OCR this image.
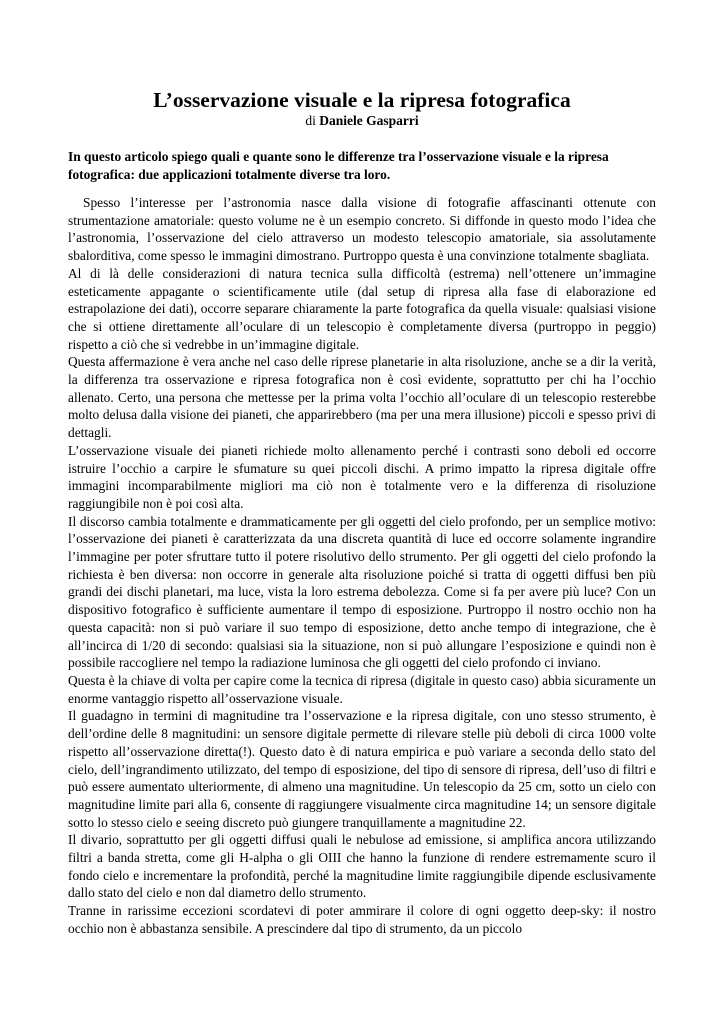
L’osservazione visuale e la ripresa fotografica
di Daniele Gasparri

In questo articolo spiego quali e quante sono le differenze tra l’osservazione visuale e la ripresa fotografica: due applicazioni totalmente diverse tra loro.

Spesso l’interesse per l’astronomia nasce dalla visione di fotografie affascinanti ottenute con strumentazione amatoriale: questo volume ne è un esempio concreto. Si diffonde in questo modo l’idea che l’astronomia, l’osservazione del cielo attraverso un modesto telescopio amatoriale, sia assolutamente sbalorditiva, come spesso le immagini dimostrano. Purtroppo questa è una convinzione totalmente sbagliata.

Al di là delle considerazioni di natura tecnica sulla difficoltà (estrema) nell’ottenere un’immagine esteticamente appagante o scientificamente utile (dal setup di ripresa alla fase di elaborazione ed estrapolazione dei dati), occorre separare chiaramente la parte fotografica da quella visuale: qualsiasi visione che si ottiene direttamente all’oculare di un telescopio è completamente diversa (purtroppo in peggio) rispetto a ciò che si vedrebbe in un’immagine digitale.

Questa affermazione è vera anche nel caso delle riprese planetarie in alta risoluzione, anche se a dir la verità, la differenza tra osservazione e ripresa fotografica non è così evidente, soprattutto per chi ha l’occhio allenato. Certo, una persona che mettesse per la prima volta l’occhio all’oculare di un telescopio resterebbe molto delusa dalla visione dei pianeti, che apparirebbero (ma per una mera illusione) piccoli e spesso privi di dettagli.

L’osservazione visuale dei pianeti richiede molto allenamento perché i contrasti sono deboli ed occorre istruire l’occhio a carpire le sfumature su quei piccoli dischi. A primo impatto la ripresa digitale offre immagini incomparabilmente migliori ma ciò non è totalmente vero e la differenza di risoluzione raggiungibile non è poi così alta.

Il discorso cambia totalmente e drammaticamente per gli oggetti del cielo profondo, per un semplice motivo: l’osservazione dei pianeti è caratterizzata da una discreta quantità di luce ed occorre solamente ingrandire l’immagine per poter sfruttare tutto il potere risolutivo dello strumento. Per gli oggetti del cielo profondo la richiesta è ben diversa: non occorre in generale alta risoluzione poiché si tratta di oggetti diffusi ben più grandi dei dischi planetari, ma luce, vista la loro estrema debolezza. Come si fa per avere più luce? Con un dispositivo fotografico è sufficiente aumentare il tempo di esposizione. Purtroppo il nostro occhio non ha questa capacità: non si può variare il suo tempo di esposizione, detto anche tempo di integrazione, che è all’incirca di 1/20 di secondo: qualsiasi sia la situazione, non si può allungare l’esposizione e quindi non è possibile raccogliere nel tempo la radiazione luminosa che gli oggetti del cielo profondo ci inviano.

Questa è la chiave di volta per capire come la tecnica di ripresa (digitale in questo caso) abbia sicuramente un enorme vantaggio rispetto all’osservazione visuale.

Il guadagno in termini di magnitudine tra l’osservazione e la ripresa digitale, con uno stesso strumento, è dell’ordine delle 8 magnitudini: un sensore digitale permette di rilevare stelle più deboli di circa 1000 volte rispetto all’osservazione diretta(!). Questo dato è di natura empirica e può variare a seconda dello stato del cielo, dell’ingrandimento utilizzato, del tempo di esposizione, del tipo di sensore di ripresa, dell’uso di filtri e può essere aumentato ulteriormente, di almeno una magnitudine. Un telescopio da 25 cm, sotto un cielo con magnitudine limite pari alla 6, consente di raggiungere visualmente circa magnitudine 14; un sensore digitale sotto lo stesso cielo e seeing discreto può giungere tranquillamente a magnitudine 22.

Il divario, soprattutto per gli oggetti diffusi quali le nebulose ad emissione, si amplifica ancora utilizzando filtri a banda stretta, come gli H-alpha o gli OIII che hanno la funzione di rendere estremamente scuro il fondo cielo e incrementare la profondità, perché la magnitudine limite raggiungibile dipende esclusivamente dallo stato del cielo e non dal diametro dello strumento.

Tranne in rarissime eccezioni scordatevi di poter ammirare il colore di ogni oggetto deep-sky: il nostro occhio non è abbastanza sensibile. A prescindere dal tipo di strumento, da un piccolo
